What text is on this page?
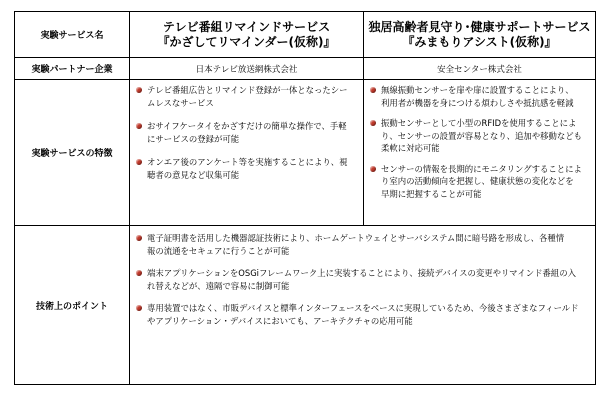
実験サービス名
テレビ番組リマインドサービス
『かざしてリマインダー(仮称)』
独居高齢者見守り･健康サポートサービス
『みまもりアシスト(仮称)』
実験パートナー企業	日本テレビ放送網株式会社	安全センター株式会社
実験サービスの特徴
テレビ番組広告とリマインド登録が一体となったシー
ムレスなサービス
おサイフケータイをかざすだけの簡単な操作で、手軽
にサービスの登録が可能
オンエア後のアンケート等を実施することにより、視
聴者の意見など収集可能
無線振動センサーを扉や扉に設置することにより、
利用者が機器を身につける煩わしさや抵抗感を軽減
振動センサーとして小型のRFIDを使用することによ
り、センサーの設置が容易となり、追加や移動なども
柔軟に対応可能
センサーの情報を長期的にモニタリングすることによ
り室内の活動傾向を把握し、健康状態の変化などを
早期に把握することが可能
技術上のポイント
電子証明書を活用した機器認証技術により、ホームゲートウェイとサーバシステム間に暗号路を形成し、各種情
報の流通をセキュアに行うことが可能
端末アプリケーションをOSGiフレームワーク上に実装することにより、接続デバイスの変更やリマインド番組の入
れ替えなどが、遠隔で容易に制御可能
専用装置ではなく、市販デバイスと標準インターフェースをベースに実現しているため、今後さまざまなフィールド
やアプリケーション・デバイスにおいても、アーキテクチャの応用可能
